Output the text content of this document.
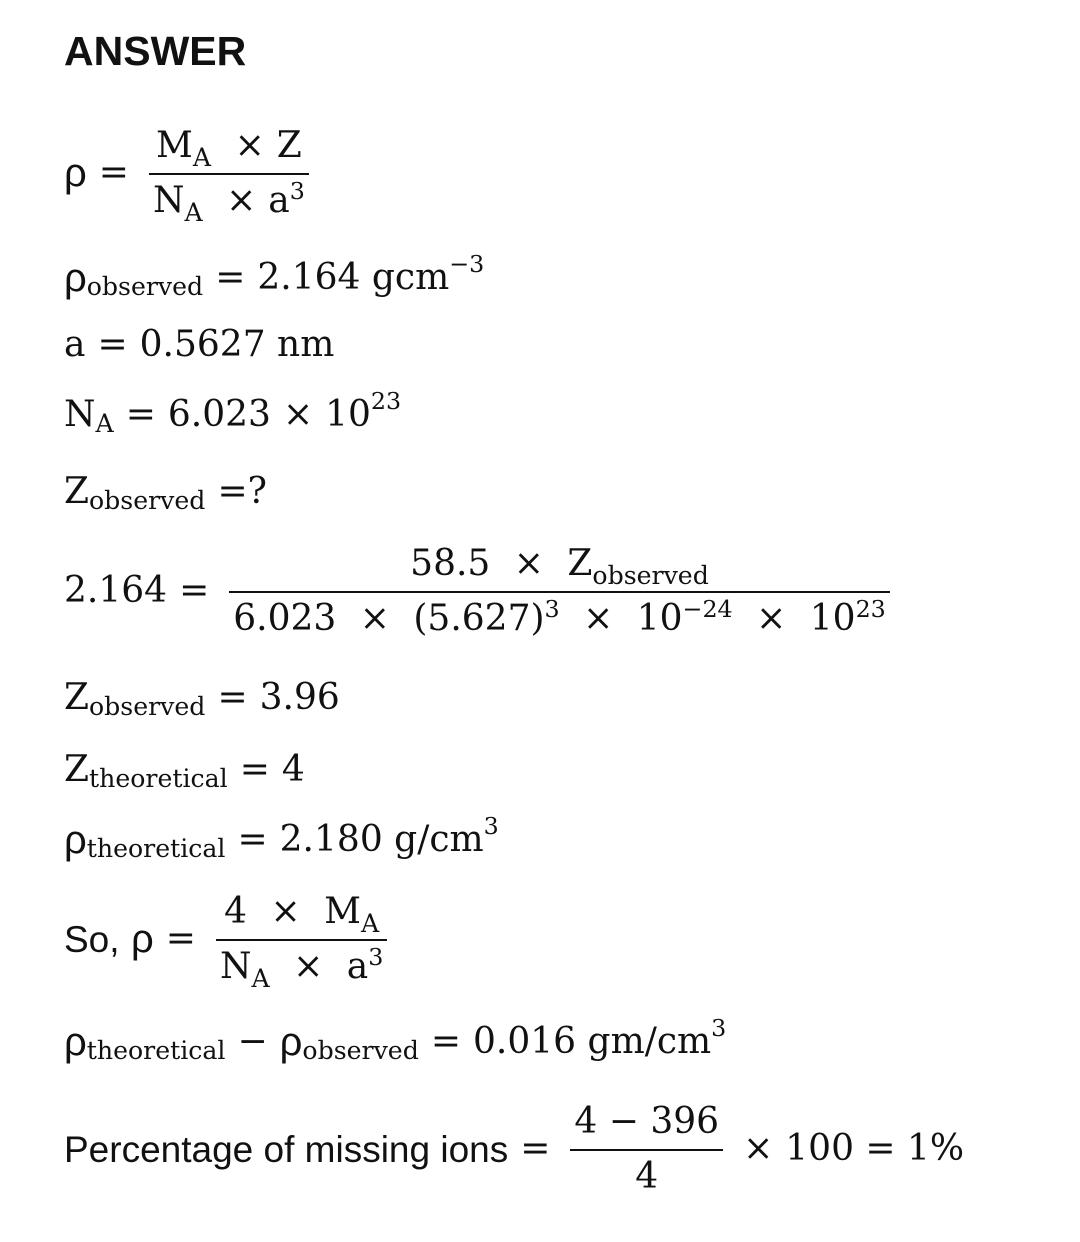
ANSWER
$\rho = \frac{M_A \times Z}{N_A \times a^3}$
ρ observed = 2.164
gcm −3
a = 0.5627 nm
N A = 6.023 × 10 23
Z observed =?
2.164 =
$58.5 \times Z_{observed}$
$6.023 \times (5.627)^3 \times 10^{-24} \times 10^{23}$
Z observed = 3.96
Z theoretical = 4
ρ theoretical = 2.180 g/cm 3
So,
$\rho = \frac{4 \times M_A}{N_A \times a^3}$
ρ theoretical − ρ observed = 0.016 gm/cm 3
Percentage of missing ions = $\frac{4 - 396}{4} \times 100 = 1\%$
